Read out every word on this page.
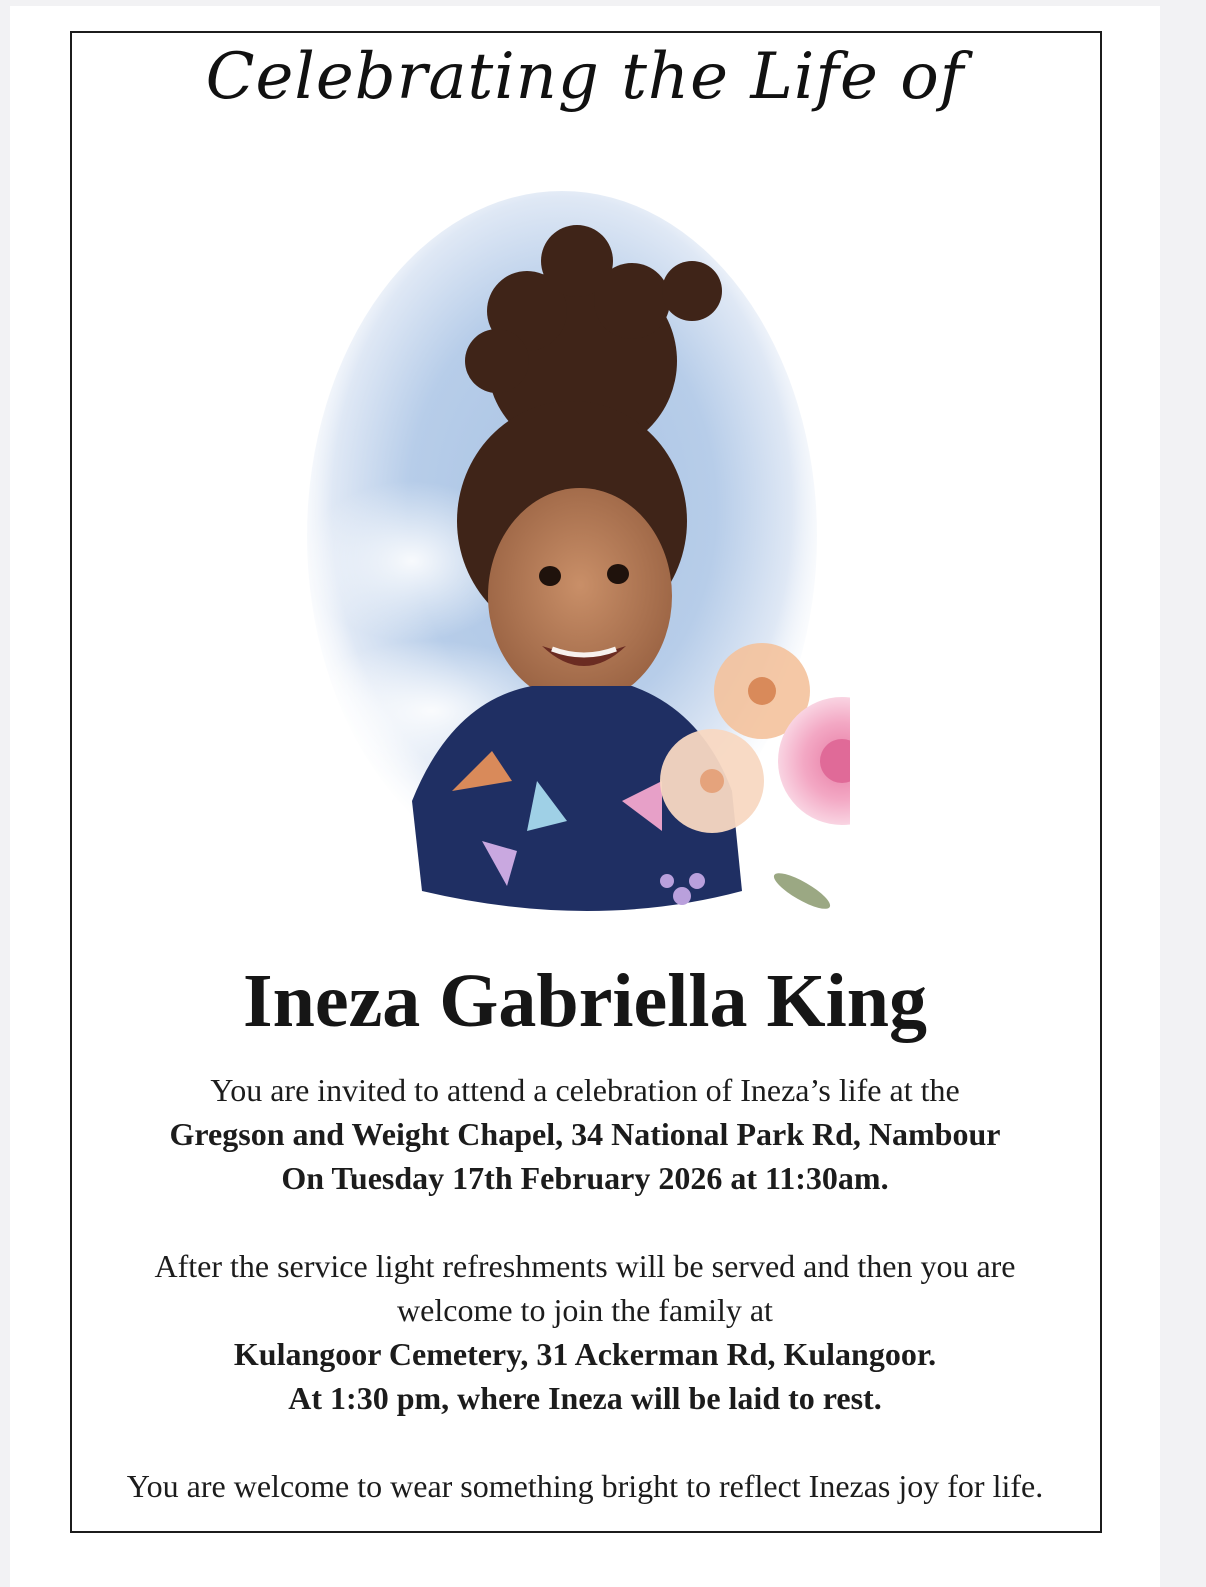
Celebrating the Life of
Ineza Gabriella King
You are invited to attend a celebration of Ineza’s life at the
Gregson and Weight Chapel, 34 National Park Rd, Nambour
On Tuesday 17th February 2026 at 11:30am.
After the service light refreshments will be served and then you are
welcome to join the family at
Kulangoor Cemetery, 31 Ackerman Rd, Kulangoor.
At 1:30 pm, where Ineza will be laid to rest.
You are welcome to wear something bright to reflect Inezas joy for life.
